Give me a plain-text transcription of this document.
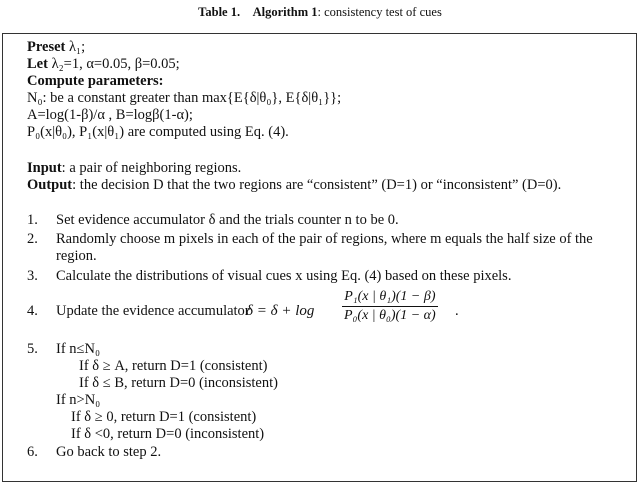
Table 1. Algorithm 1: consistency test of cues
Preset λ₁;
Let λ₂=1, α=0.05, β=0.05;
Compute parameters:
N₀: be a constant greater than max{E{δ|θ₀}, E{δ|θ₁}};
A=log(1-β)/α , B=logβ(1-α);
P₀(x|θ₀), P₁(x|θ₁) are computed using Eq. (4).
Input: a pair of neighboring regions.
Output: the decision D that the two regions are “consistent” (D=1) or “inconsistent” (D=0).
1. Set evidence accumulator δ and the trials counter n to be 0.
2. Randomly choose m pixels in each of the pair of regions, where m equals the half size of the
region.
3. Calculate the distributions of visual cues x using Eq. (4) based on these pixels.
4. Update the evidence accumulator
$\delta = \delta + \log \frac{\text{P₁(x | θ₁)(1 − β)}}{\text{P₀(x | θ₀)(1 − α)}}$ .
5. If n≤N₀
If δ ≥ A, return D=1 (consistent)
If δ ≤ B, return D=0 (inconsistent)
If n>N₀
If δ ≥ 0, return D=1 (consistent)
If δ <0, return D=0 (inconsistent)
6. Go back to step 2.
